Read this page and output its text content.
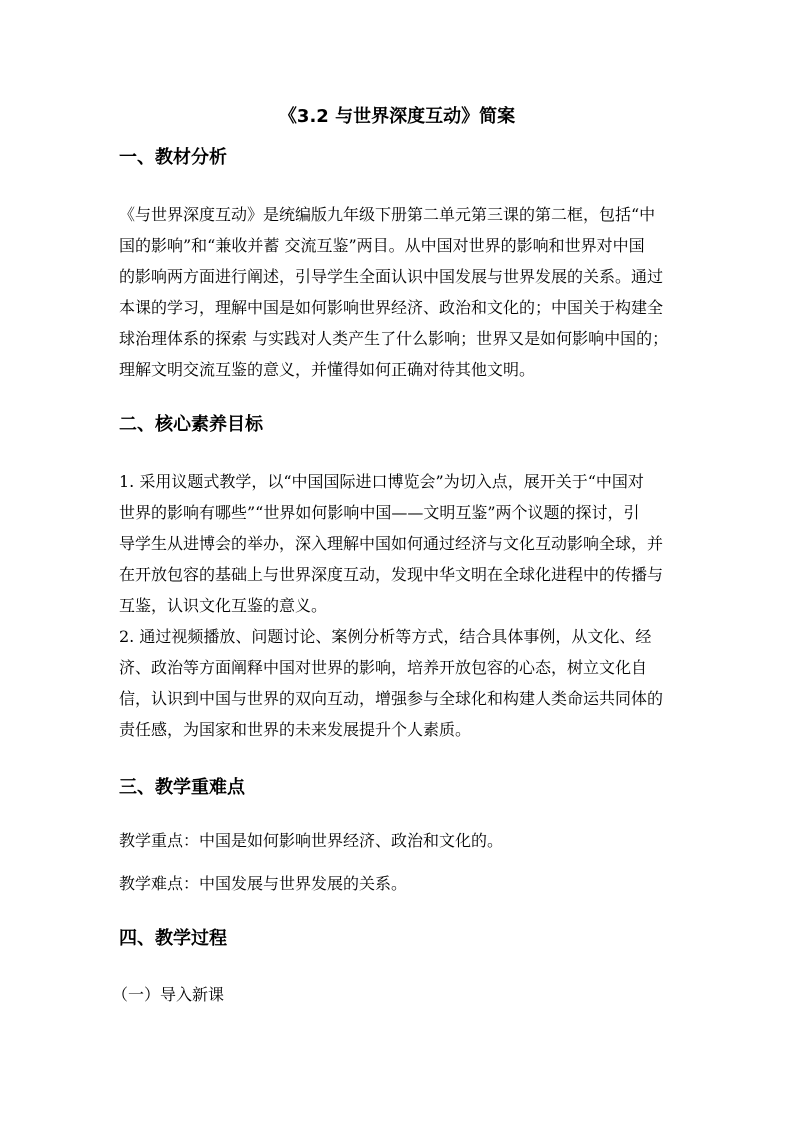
《3.2 与世界深度互动》简案
一、教材分析
《与世界深度互动》是统编版九年级下册第二单元第三课的第二框，包括“中
国的影响”和“兼收并蓄 交流互鉴”两目。从中国对世界的影响和世界对中国
的影响两方面进行阐述，引导学生全面认识中国发展与世界发展的关系。通过
本课的学习，理解中国是如何影响世界经济、政治和文化的；中国关于构建全
球治理体系的探索 与实践对人类产生了什么影响；世界又是如何影响中国的；
理解文明交流互鉴的意义，并懂得如何正确对待其他文明。
二、核心素养目标
1. 采用议题式教学，以“中国国际进口博览会”为切入点，展开关于“中国对
世界的影响有哪些”“世界如何影响中国——文明互鉴”两个议题的探讨，引
导学生从进博会的举办，深入理解中国如何通过经济与文化互动影响全球，并
在开放包容的基础上与世界深度互动，发现中华文明在全球化进程中的传播与
互鉴，认识文化互鉴的意义。
2. 通过视频播放、问题讨论、案例分析等方式，结合具体事例，从文化、经
济、政治等方面阐释中国对世界的影响，培养开放包容的心态，树立文化自
信，认识到中国与世界的双向互动，增强参与全球化和构建人类命运共同体的
责任感，为国家和世界的未来发展提升个人素质。
三、教学重难点
教学重点：中国是如何影响世界经济、政治和文化的。
教学难点：中国发展与世界发展的关系。
四、教学过程
（一）导入新课
